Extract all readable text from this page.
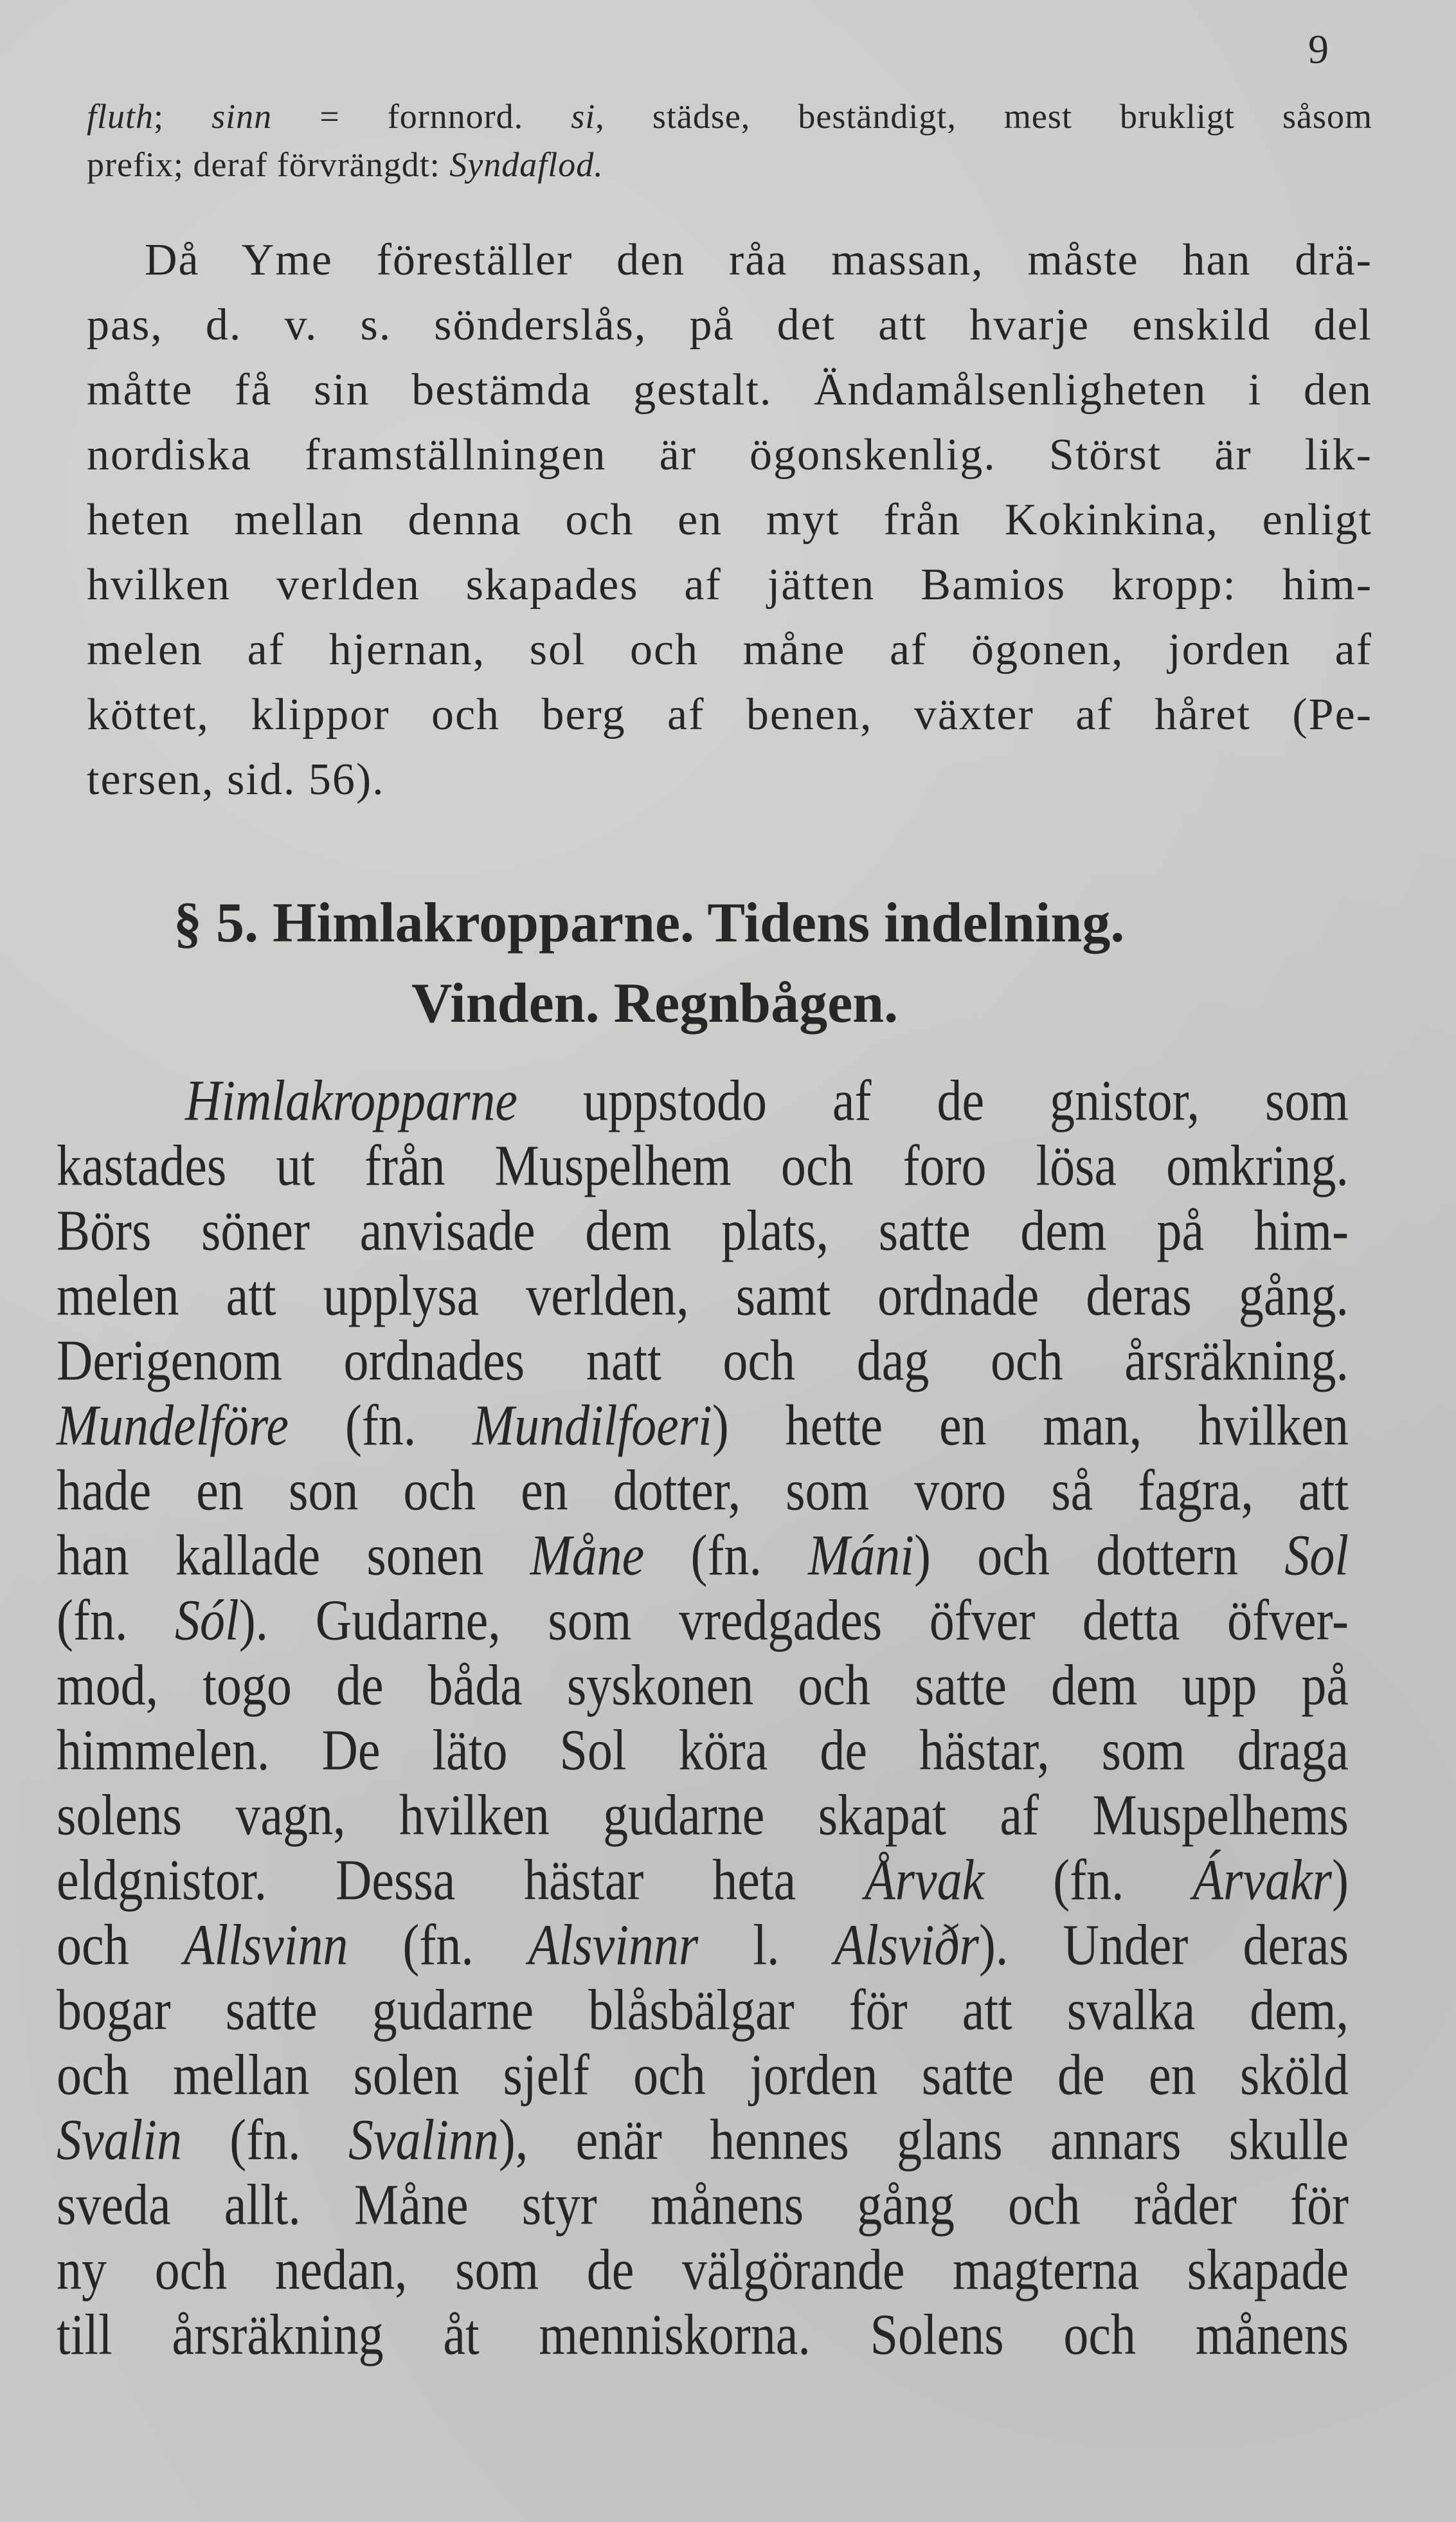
9
fluth; sinn = fornnord. si, städse, beständigt, mest brukligt såsom
prefix; deraf förvrängdt: Syndaflod.
Då Yme föreställer den råa massan, måste han drä-
pas, d. v. s. sönderslås, på det att hvarje enskild del
måtte få sin bestämda gestalt. Ändamålsenligheten i den
nordiska framställningen är ögonskenlig. Störst är lik-
heten mellan denna och en myt från Kokinkina, enligt
hvilken verlden skapades af jätten Bamios kropp: him-
melen af hjernan, sol och måne af ögonen, jorden af
köttet, klippor och berg af benen, växter af håret (Pe-
tersen, sid. 56).
§ 5. Himlakropparne. Tidens indelning.
Vinden. Regnbågen.
Himlakropparne uppstodo af de gnistor, som
kastades ut från Muspelhem och foro lösa omkring.
Börs söner anvisade dem plats, satte dem på him-
melen att upplysa verlden, samt ordnade deras gång.
Derigenom ordnades natt och dag och årsräkning.
Mundelföre (fn. Mundilfoeri) hette en man, hvilken
hade en son och en dotter, som voro så fagra, att
han kallade sonen Måne (fn. Máni) och dottern Sol
(fn. Sól). Gudarne, som vredgades öfver detta öfver-
mod, togo de båda syskonen och satte dem upp på
himmelen. De läto Sol köra de hästar, som draga
solens vagn, hvilken gudarne skapat af Muspelhems
eldgnistor. Dessa hästar heta Årvak (fn. Árvakr)
och Allsvinn (fn. Alsvinnr l. Alsviðr). Under deras
bogar satte gudarne blåsbälgar för att svalka dem,
och mellan solen sjelf och jorden satte de en sköld
Svalin (fn. Svalinn), enär hennes glans annars skulle
sveda allt. Måne styr månens gång och råder för
ny och nedan, som de välgörande magterna skapade
till årsräkning åt menniskorna. Solens och månens
